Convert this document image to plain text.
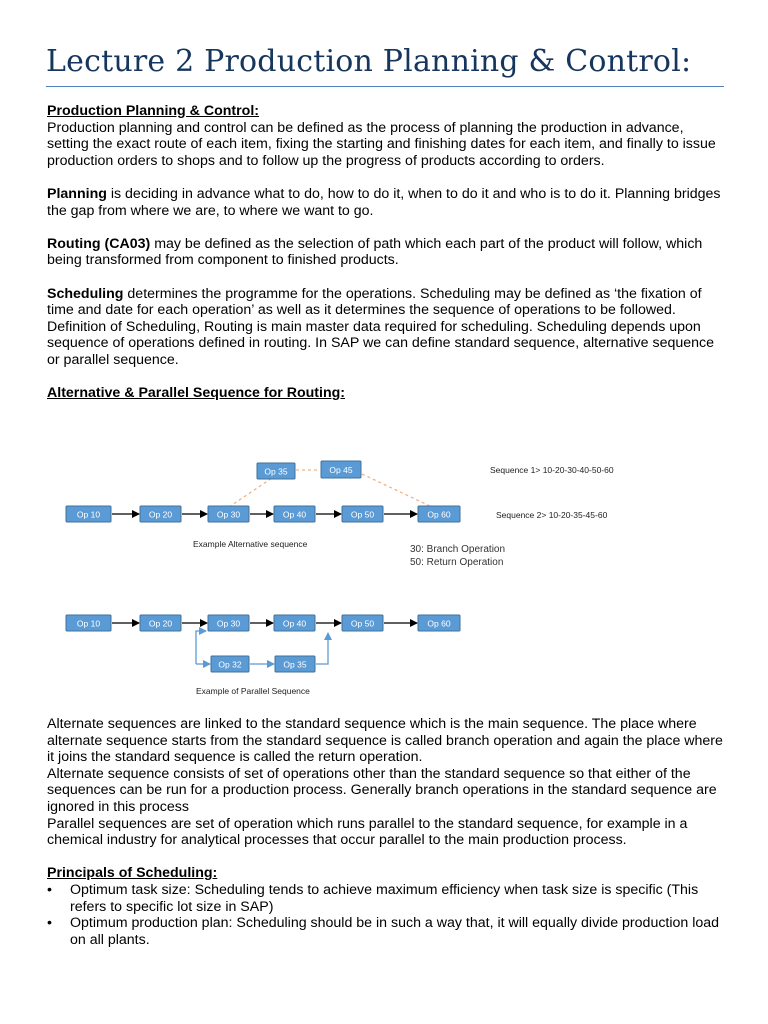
Lecture 2 Production Planning & Control:

Production Planning & Control:

Production planning and control can be defined as the process of planning the production in advance, setting the exact route of each item, fixing the starting and finishing dates for each item, and finally to issue production orders to shops and to follow up the progress of products according to orders.

Planning is deciding in advance what to do, how to do it, when to do it and who is to do it. Planning bridges the gap from where we are, to where we want to go.

Routing (CA03) may be defined as the selection of path which each part of the product will follow, which being transformed from component to finished products.

Scheduling determines the programme for the operations. Scheduling may be defined as ‘the fixation of time and date for each operation’ as well as it determines the sequence of operations to be followed.

Definition of Scheduling, Routing is main master data required for scheduling. Scheduling depends upon sequence of operations defined in routing. In SAP we can define standard sequence, alternative sequence or parallel sequence.

Alternative & Parallel Sequence for Routing:

Op 10	Op 20	Op 30	Op 40	Op 50	Op 60
Op 35	Op 45	Sequence 1> 10-20-30-40-50-60
Sequence 2> 10-20-35-45-60
Example Alternative sequence	30: Branch Operation
50: Return Operation
Op 10	Op 20	Op 30	Op 40	Op 50	Op 60
Op 32	Op 35
Example of Parallel Sequence

Alternate sequences are linked to the standard sequence which is the main sequence. The place where alternate sequence starts from the standard sequence is called branch operation and again the place where it joins the standard sequence is called the return operation.

Alternate sequence consists of set of operations other than the standard sequence so that either of the sequences can be run for a production process. Generally branch operations in the standard sequence are ignored in this process

Parallel sequences are set of operation which runs parallel to the standard sequence, for example in a chemical industry for analytical processes that occur parallel to the main production process.

Principals of Scheduling:

• Optimum task size: Scheduling tends to achieve maximum efficiency when task size is specific (This refers to specific lot size in SAP)
• Optimum production plan: Scheduling should be in such a way that, it will equally divide production load on all plants.
